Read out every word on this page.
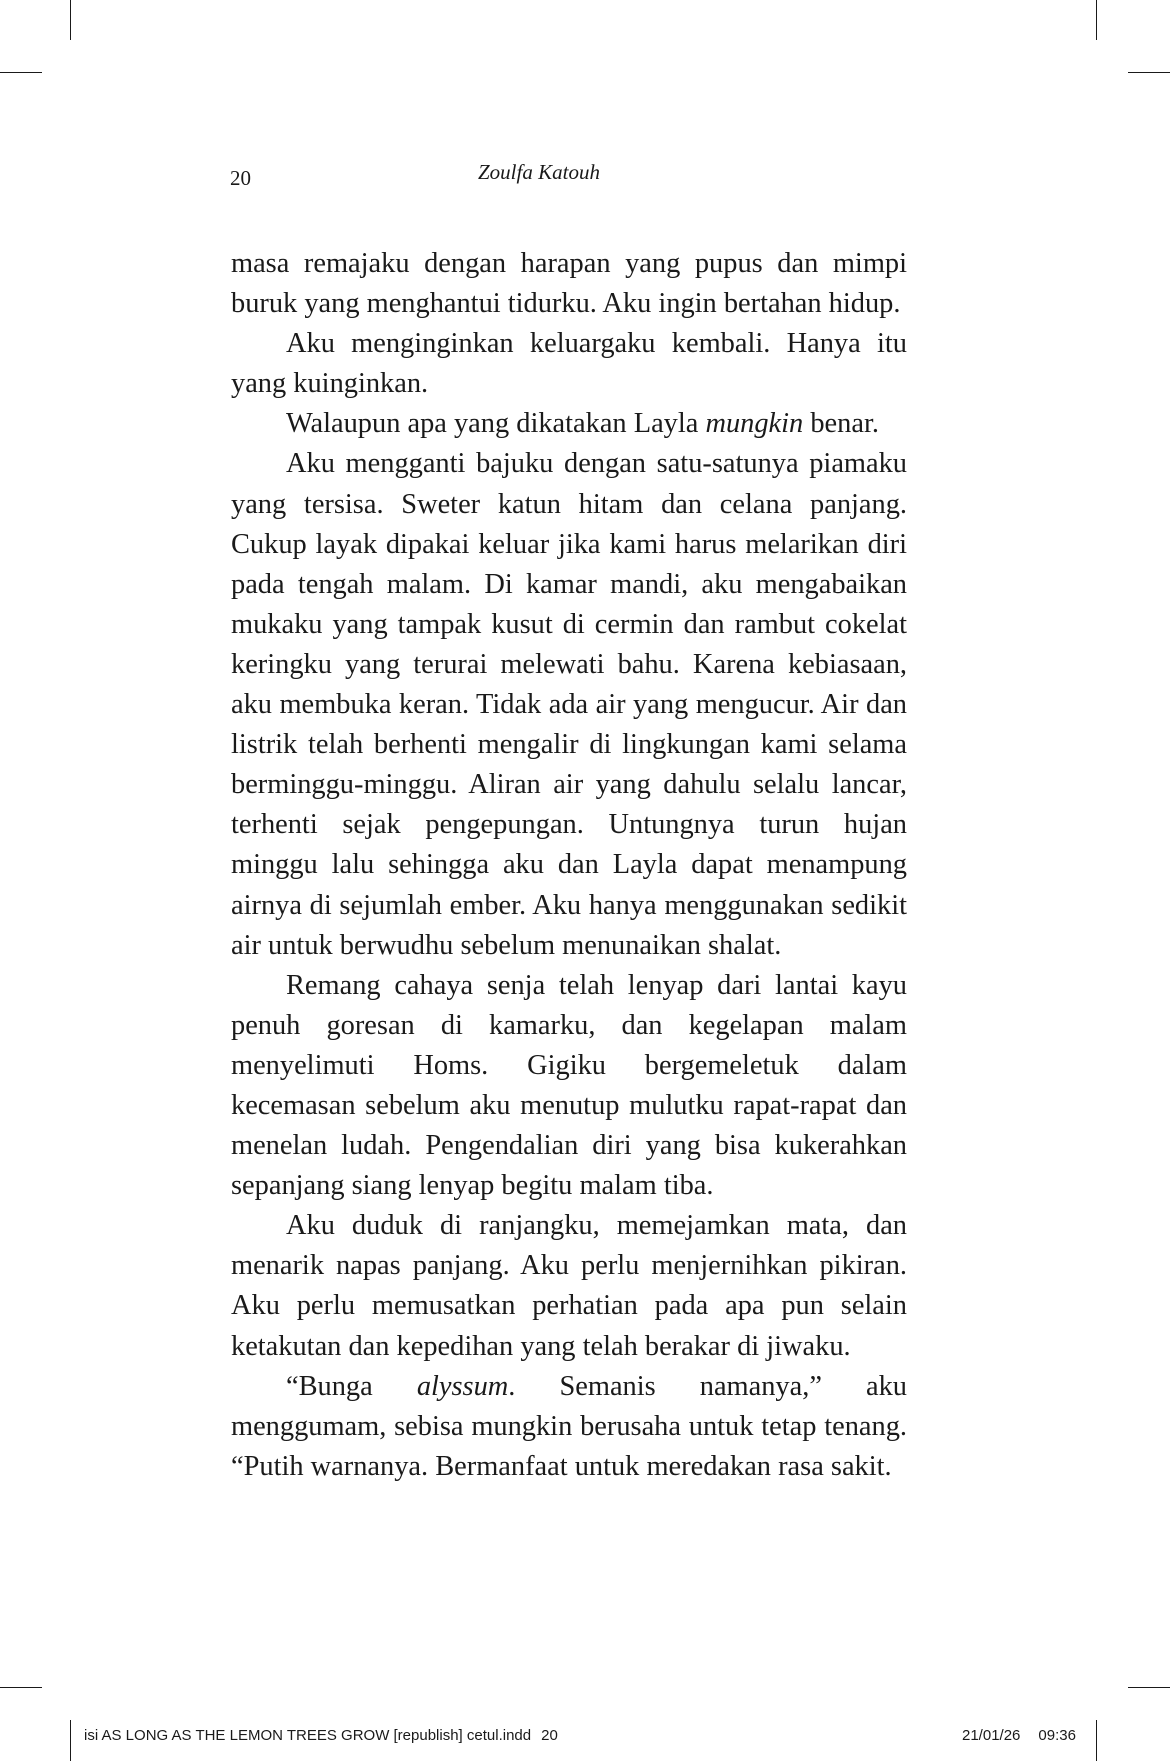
20	Zoulfa Katouh

masa remajaku dengan harapan yang pupus dan mimpi buruk yang menghantui tidurku. Aku ingin bertahan hidup.

Aku menginginkan keluargaku kembali. Hanya itu yang kuinginkan.

Walaupun apa yang dikatakan Layla mungkin benar.

Aku mengganti bajuku dengan satu-satunya piamaku yang tersisa. Sweter katun hitam dan celana panjang. Cukup layak dipakai keluar jika kami harus melarikan diri pada tengah malam. Di kamar mandi, aku mengabaikan mukaku yang tampak kusut di cermin dan rambut cokelat keringku yang terurai melewati bahu. Karena kebiasaan, aku membuka keran. Tidak ada air yang mengucur. Air dan listrik telah berhenti mengalir di lingkungan kami selama berminggu-minggu. Aliran air yang dahulu selalu lancar, terhenti sejak pengepungan. Untungnya turun hujan minggu lalu sehingga aku dan Layla dapat menampung airnya di sejumlah ember. Aku hanya menggunakan sedikit air untuk berwudhu sebelum menunaikan shalat.

Remang cahaya senja telah lenyap dari lantai kayu penuh goresan di kamarku, dan kegelapan malam menyelimuti Homs. Gigiku bergemeletuk dalam kecemasan sebelum aku menutup mulutku rapat-rapat dan menelan ludah. Pengendalian diri yang bisa kukerahkan sepanjang siang lenyap begitu malam tiba.

Aku duduk di ranjangku, memejamkan mata, dan menarik napas panjang. Aku perlu menjernihkan pikiran. Aku perlu memusatkan perhatian pada apa pun selain ketakutan dan kepedihan yang telah berakar di jiwaku.

“Bunga alyssum. Semanis namanya,” aku menggumam, sebisa mungkin berusaha untuk tetap tenang. “Putih warnanya. Bermanfaat untuk meredakan rasa sakit.

isi AS LONG AS THE LEMON TREES GROW [republish] cetul.indd 20	21/01/26 09:36
